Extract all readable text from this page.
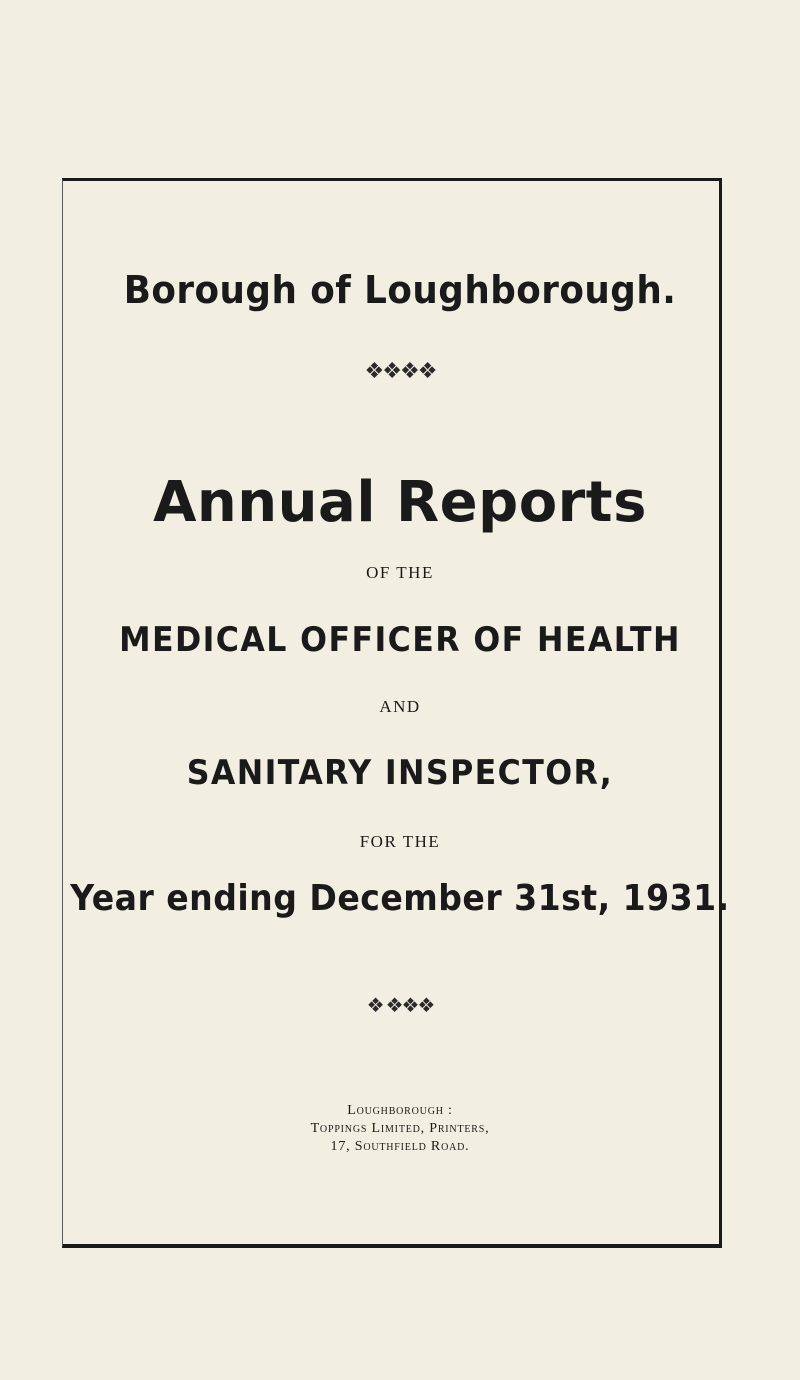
Borough of Loughborough.
❖❖❖❖
Annual Reports
OF THE
MEDICAL OFFICER OF HEALTH
AND
SANITARY INSPECTOR,
FOR THE
Year ending December 31st, 1931.
❖ ❖❖❖
Loughborough :
Toppings Limited, Printers,
17, Southfield Road.
